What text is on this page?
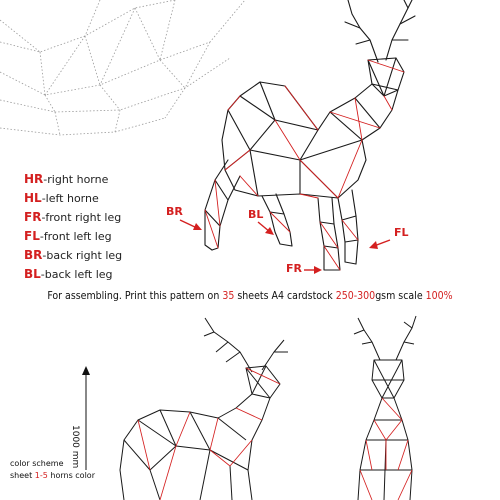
BR	BL
FL
FR
HR-right horne
HL-left horne
FR-front right leg
FL-front left leg
BR-back right leg
BL-back left leg
For assembling. Print this pattern on 35 sheets A4 cardstock 250-300gsm scale 100%
1000 mm
color scheme
sheet 1-5 horns color
